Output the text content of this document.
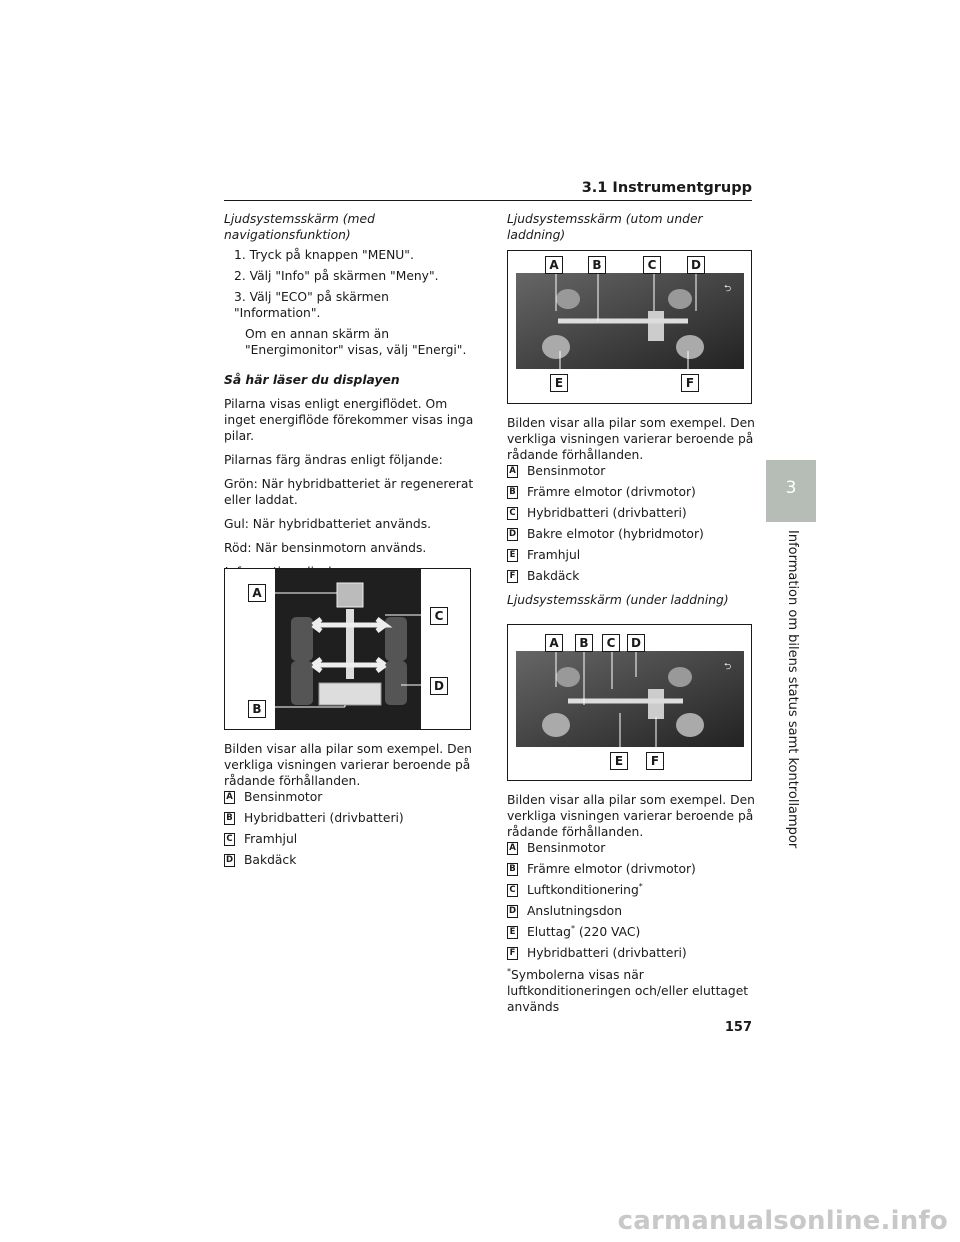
3.1 Instrumentgrupp

Ljudsystemsskärm (med navigationsfunktion)

1. Tryck på knappen "MENU".
2. Välj "Info" på skärmen "Meny".
3. Välj "ECO" på skärmen "Information".
Om en annan skärm än "Energimonitor" visas, välj "Energi".

Så här läser du displayen

Pilarna visas enligt energiflödet. Om inget energiflöde förekommer visas inga pilar.

Pilarnas färg ändras enligt följande:

Grön: När hybridbatteriet är regenererat eller laddat.

Gul: När hybridbatteriet används.

Röd: När bensinmotorn används.

A
C
D
B

Bilden visar alla pilar som exempel. Den verkliga visningen varierar beroende på rådande förhållanden.

A Bensinmotor
B Hybridbatteri (drivbatteri)
C Framhjul
D Bakdäck
Ljudsystemsskärm (utom under laddning)
⮌
A	B	C	D
E	F

Bilden visar alla pilar som exempel. Den verkliga visningen varierar beroende på rådande förhållanden.

A Bensinmotor
B Främre elmotor (drivmotor)
C Hybridbatteri (drivbatteri)
D Bakre elmotor (hybridmotor)
E Framhjul
F Bakdäck

Ljudsystemsskärm (under laddning)

⮌
A	B	C	D
E	F

Bilden visar alla pilar som exempel. Den verkliga visningen varierar beroende på rådande förhållanden.

A Bensinmotor
B Främre elmotor (drivmotor)
C Luftkonditionering*
D Anslutningsdon
E Eluttag* (220 VAC)
F Hybridbatteri (drivbatteri)

*Symbolerna visas när luftkonditioneringen och/eller eluttaget används

3
Information om bilens status samt kontrollampor
157
carmanualsonline.info
